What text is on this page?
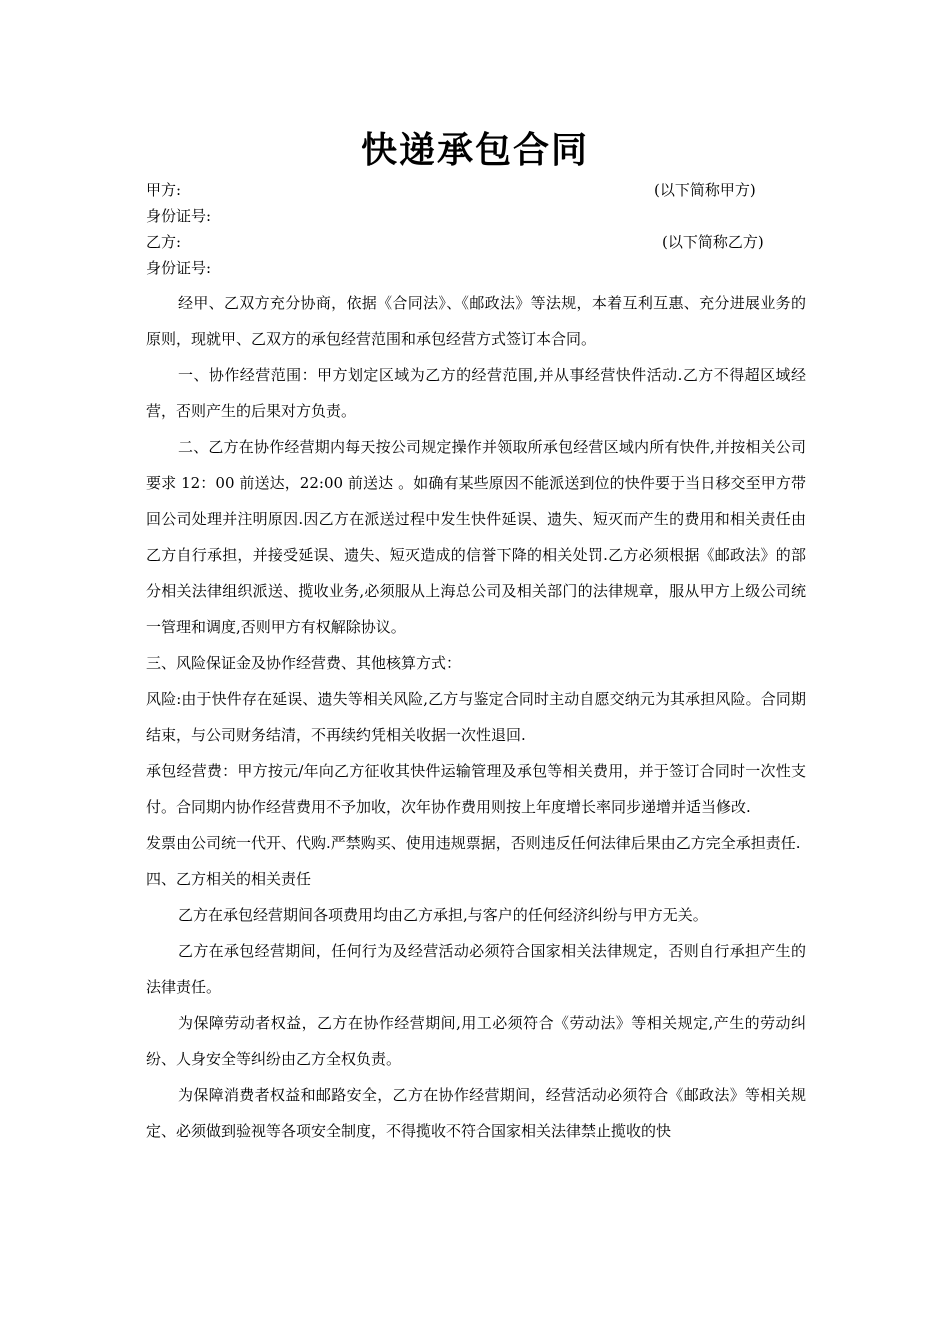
快递承包合同
甲方:	(以下简称甲方)
身份证号:
乙方:	(以下简称乙方)
身份证号:

经甲、乙双方充分协商，依据《合同法》、《邮政法》等法规，本着互利互惠、充分进展业务的原则，现就甲、乙双方的承包经营范围和承包经营方式签订本合同。

一、协作经营范围：甲方划定区域为乙方的经营范围,并从事经营快件活动.乙方不得超区域经营，否则产生的后果对方负责。

二、乙方在协作经营期内每天按公司规定操作并领取所承包经营区域内所有快件,并按相关公司要求 12：00 前送达，22:00 前送达 。如确有某些原因不能派送到位的快件要于当日移交至甲方带回公司处理并注明原因.因乙方在派送过程中发生快件延误、遗失、短灭而产生的费用和相关责任由乙方自行承担，并接受延误、遗失、短灭造成的信誉下降的相关处罚.乙方必须根据《邮政法》的部分相关法律组织派送、揽收业务,必须服从上海总公司及相关部门的法律规章，服从甲方上级公司统一管理和调度,否则甲方有权解除协议。

三、风险保证金及协作经营费、其他核算方式：

风险:由于快件存在延误、遗失等相关风险,乙方与鉴定合同时主动自愿交纳元为其承担风险。合同期结束，与公司财务结清，不再续约凭相关收据一次性退回.

承包经营费：甲方按元/年向乙方征收其快件运输管理及承包等相关费用，并于签订合同时一次性支付。合同期内协作经营费用不予加收，次年协作费用则按上年度增长率同步递增并适当修改.

发票由公司统一代开、代购.严禁购买、使用违规票据，否则违反任何法律后果由乙方完全承担责任.

四、乙方相关的相关责任

乙方在承包经营期间各项费用均由乙方承担,与客户的任何经济纠纷与甲方无关。

乙方在承包经营期间，任何行为及经营活动必须符合国家相关法律规定，否则自行承担产生的法律责任。

为保障劳动者权益，乙方在协作经营期间,用工必须符合《劳动法》等相关规定,产生的劳动纠纷、人身安全等纠纷由乙方全权负责。

为保障消费者权益和邮路安全，乙方在协作经营期间，经营活动必须符合《邮政法》等相关规定、必须做到验视等各项安全制度，不得揽收不符合国家相关法律禁止揽收的快
